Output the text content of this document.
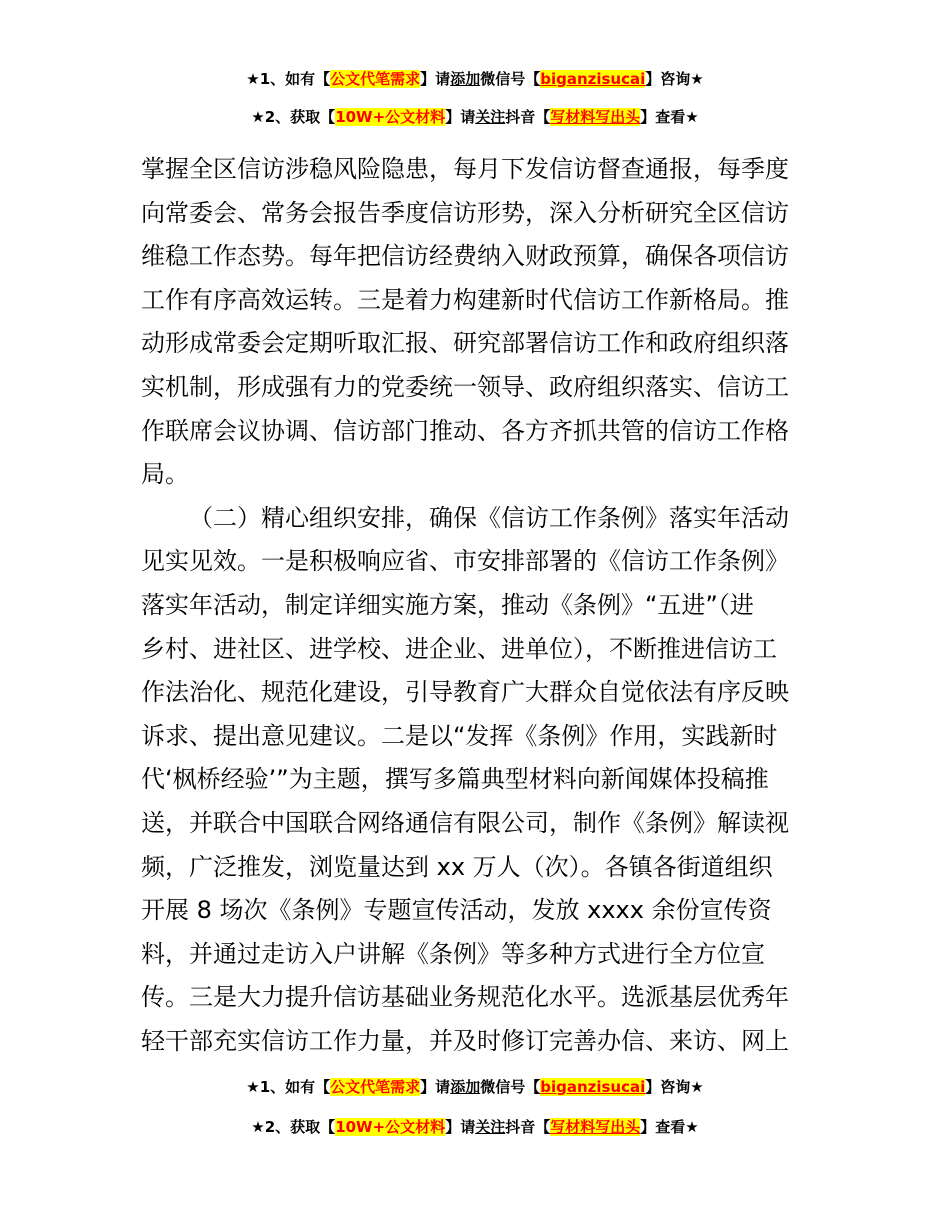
★1、如有【公文代笔需求】请添加微信号【biganzisucai】咨询★
★2、获取【10W+公文材料】请关注抖音【写材料写出头】查看★
掌握全区信访涉稳风险隐患，每月下发信访督查通报，每季度
向常委会、常务会报告季度信访形势，深入分析研究全区信访
维稳工作态势。每年把信访经费纳入财政预算，确保各项信访
工作有序高效运转。三是着力构建新时代信访工作新格局。推
动形成常委会定期听取汇报、研究部署信访工作和政府组织落
实机制，形成强有力的党委统一领导、政府组织落实、信访工
作联席会议协调、信访部门推动、各方齐抓共管的信访工作格
局。
（二）精心组织安排，确保《信访工作条例》落实年活动
见实见效。一是积极响应省、市安排部署的《信访工作条例》
落实年活动，制定详细实施方案，推动《条例》“五进”（进
乡村、进社区、进学校、进企业、进单位），不断推进信访工
作法治化、规范化建设，引导教育广大群众自觉依法有序反映
诉求、提出意见建议。二是以“发挥《条例》作用，实践新时
代‘枫桥经验’”为主题，撰写多篇典型材料向新闻媒体投稿推
送，并联合中国联合网络通信有限公司，制作《条例》解读视
频，广泛推发，浏览量达到 xx 万人（次）。各镇各街道组织
开展 8 场次《条例》专题宣传活动，发放 xxxx 余份宣传资
料，并通过走访入户讲解《条例》等多种方式进行全方位宣
传。三是大力提升信访基础业务规范化水平。选派基层优秀年
轻干部充实信访工作力量，并及时修订完善办信、来访、网上
★1、如有【公文代笔需求】请添加微信号【biganzisucai】咨询★
★2、获取【10W+公文材料】请关注抖音【写材料写出头】查看★
